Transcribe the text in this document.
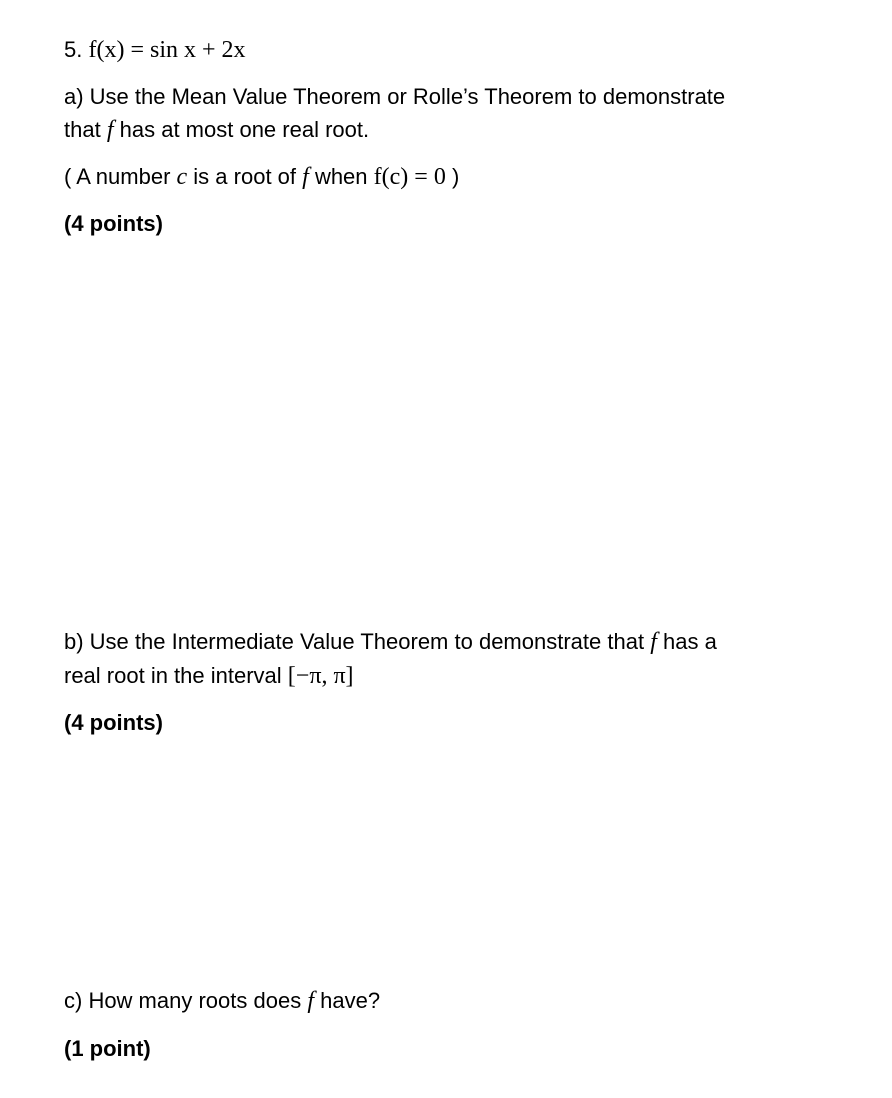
5. f(x) = sin x + 2x
a) Use the Mean Value Theorem or Rolle’s Theorem to demonstrate
that f has at most one real root.
( A number c is a root of f when f(c) = 0 )
(4 points)
b) Use the Intermediate Value Theorem to demonstrate that f has a
real root in the interval [−π, π]
(4 points)
c) How many roots does f have?
(1 point)
